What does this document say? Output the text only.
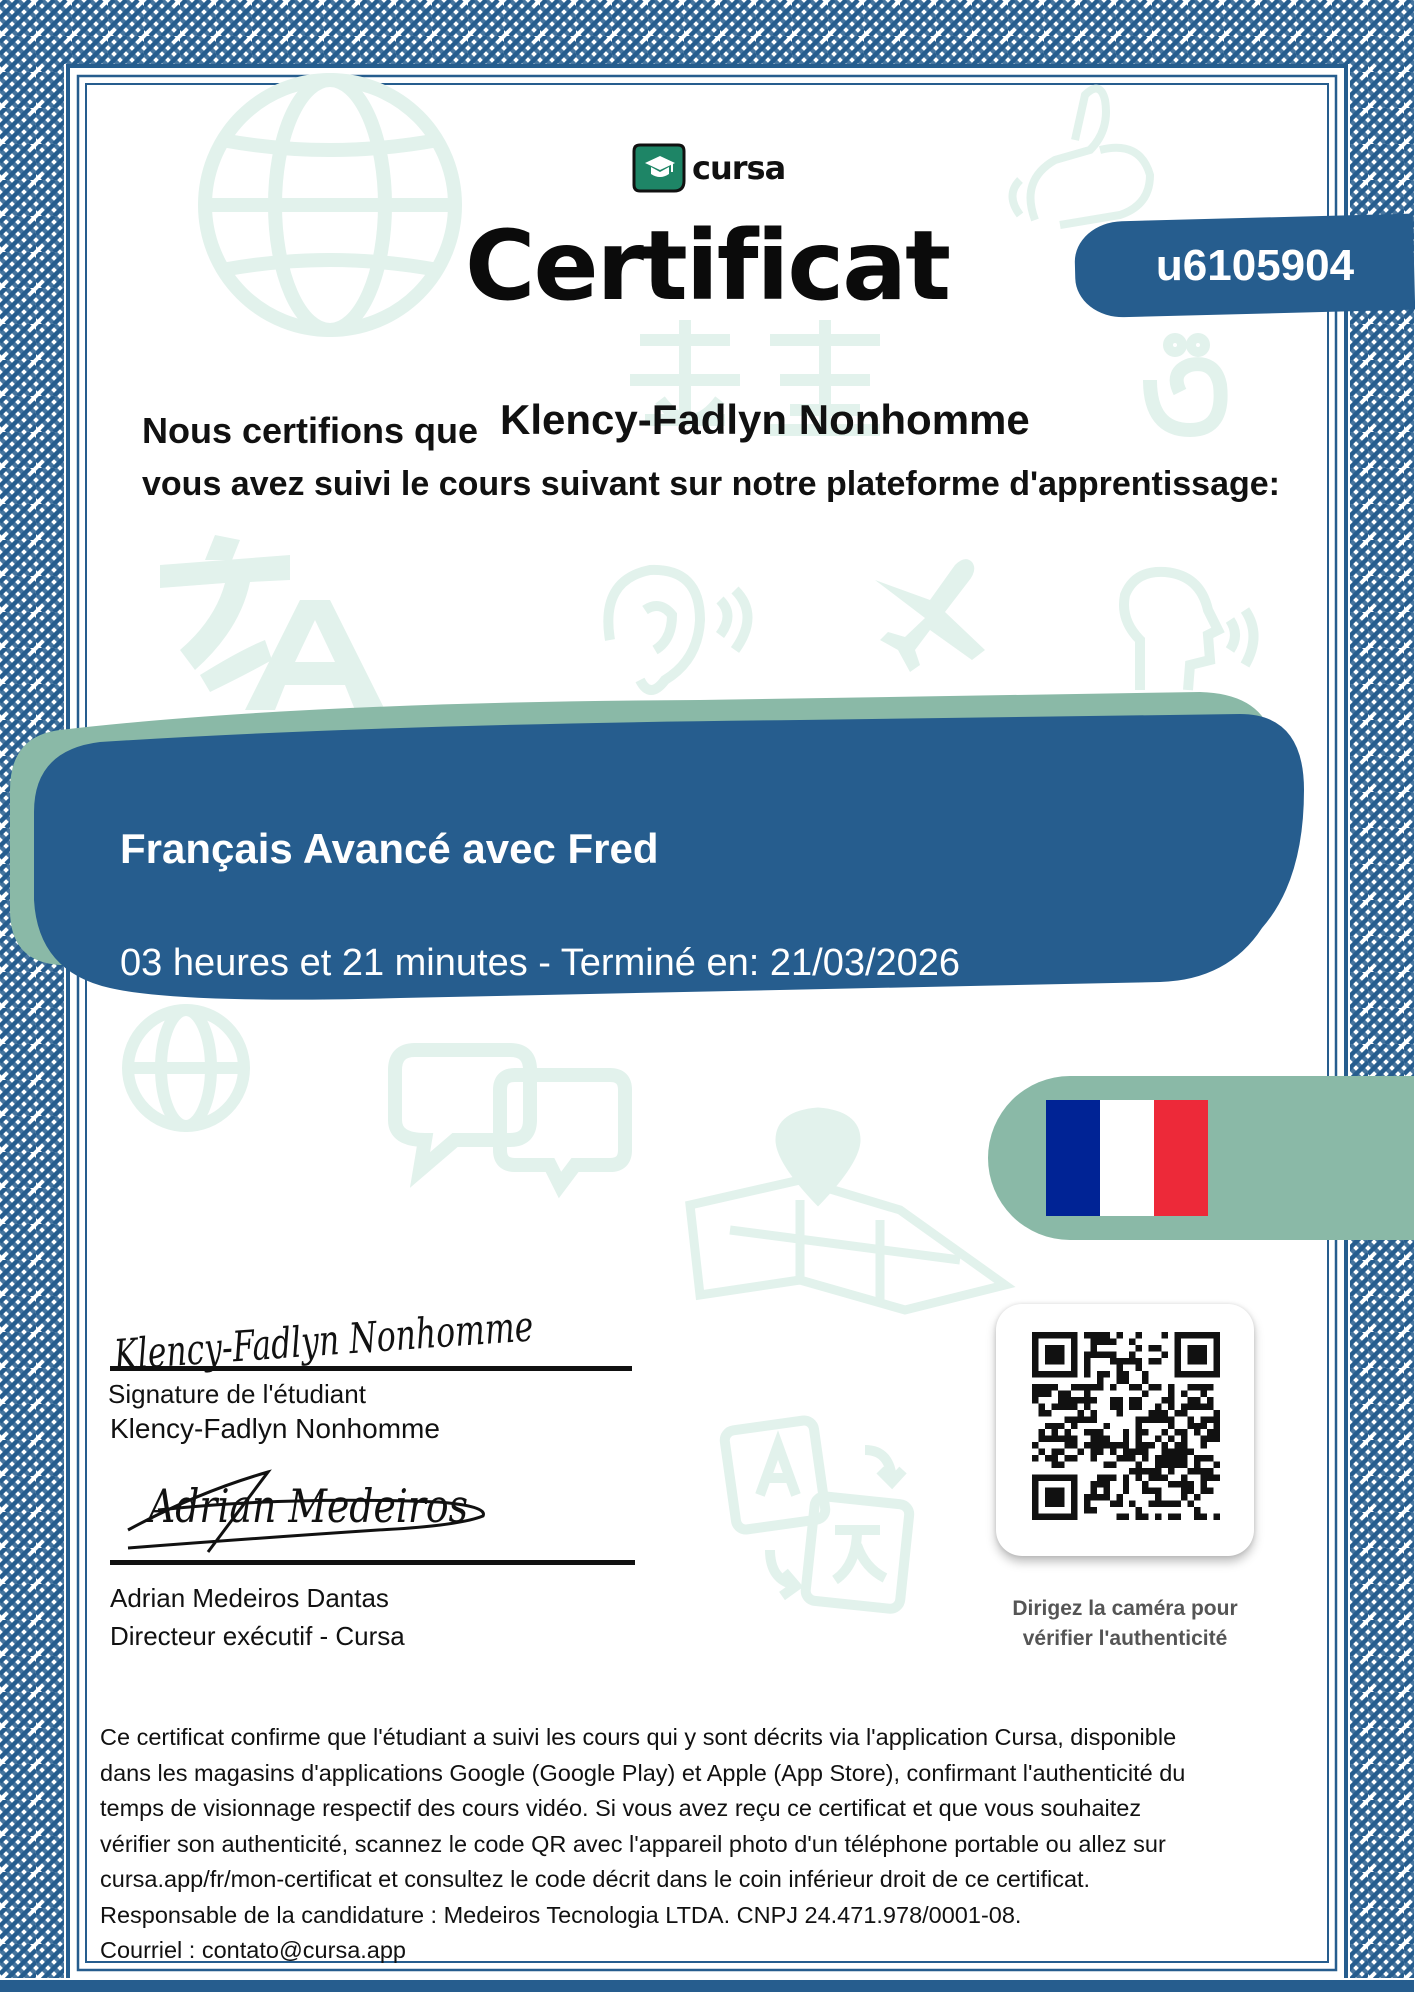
cursa
Certificat	u6105904
Nous certifions que Klency-Fadlyn Nonhomme
vous avez suivi le cours suivant sur notre plateforme d'apprentissage:
Français Avancé avec Fred
03 heures et 21 minutes - Terminé en: 21/03/2026
Klency-Fadlyn Nonhomme
Signature de l'étudiant
Klency-Fadlyn Nonhomme
Adrian Medeiros
Adrian Medeiros Dantas
Directeur exécutif - Cursa
Dirigez la caméra pour
vérifier l'authenticité

Ce certificat confirme que l'étudiant a suivi les cours qui y sont décrits via l'application Cursa, disponible

dans les magasins d'applications Google (Google Play) et Apple (App Store), confirmant l'authenticité du

temps de visionnage respectif des cours vidéo. Si vous avez reçu ce certificat et que vous souhaitez

vérifier son authenticité, scannez le code QR avec l'appareil photo d'un téléphone portable ou allez sur

cursa.app/fr/mon-certificat et consultez le code décrit dans le coin inférieur droit de ce certificat.

Responsable de la candidature : Medeiros Tecnologia LTDA. CNPJ 24.471.978/0001-08.

Courriel : contato@cursa.app
